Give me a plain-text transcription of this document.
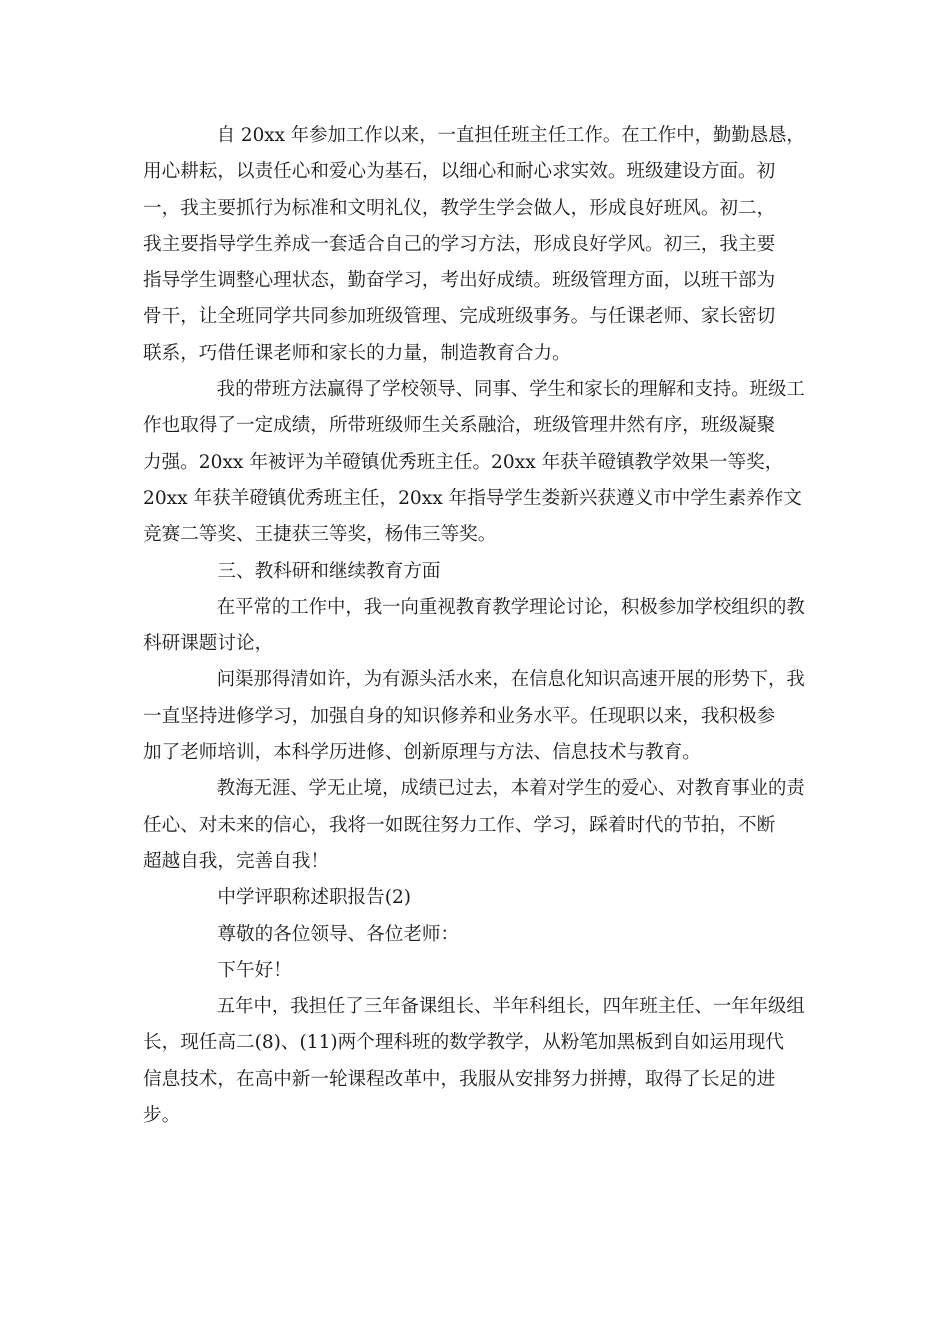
自 20xx 年参加工作以来，一直担任班主任工作。在工作中，勤勤恳恳，
用心耕耘，以责任心和爱心为基石，以细心和耐心求实效。班级建设方面。初
一，我主要抓行为标准和文明礼仪，教学生学会做人，形成良好班风。初二，
我主要指导学生养成一套适合自己的学习方法，形成良好学风。初三，我主要
指导学生调整心理状态，勤奋学习，考出好成绩。班级管理方面，以班干部为
骨干，让全班同学共同参加班级管理、完成班级事务。与任课老师、家长密切
联系，巧借任课老师和家长的力量，制造教育合力。
我的带班方法赢得了学校领导、同事、学生和家长的理解和支持。班级工
作也取得了一定成绩，所带班级师生关系融洽，班级管理井然有序，班级凝聚
力强。20xx 年被评为羊磴镇优秀班主任。20xx 年获羊磴镇教学效果一等奖，
20xx 年获羊磴镇优秀班主任，20xx 年指导学生娄新兴获遵义市中学生素养作文
竞赛二等奖、王捷获三等奖，杨伟三等奖。
三、教科研和继续教育方面
在平常的工作中，我一向重视教育教学理论讨论，积极参加学校组织的教
科研课题讨论，
问渠那得清如许，为有源头活水来，在信息化知识高速开展的形势下，我
一直坚持进修学习，加强自身的知识修养和业务水平。任现职以来，我积极参
加了老师培训，本科学历进修、创新原理与方法、信息技术与教育。
教海无涯、学无止境，成绩已过去，本着对学生的爱心、对教育事业的责
任心、对未来的信心，我将一如既往努力工作、学习，踩着时代的节拍，不断
超越自我，完善自我！
中学评职称述职报告(2)
尊敬的各位领导、各位老师：
下午好！
五年中，我担任了三年备课组长、半年科组长，四年班主任、一年年级组
长，现任高二(8)、(11)两个理科班的数学教学，从粉笔加黑板到自如运用现代
信息技术，在高中新一轮课程改革中，我服从安排努力拼搏，取得了长足的进
步。
